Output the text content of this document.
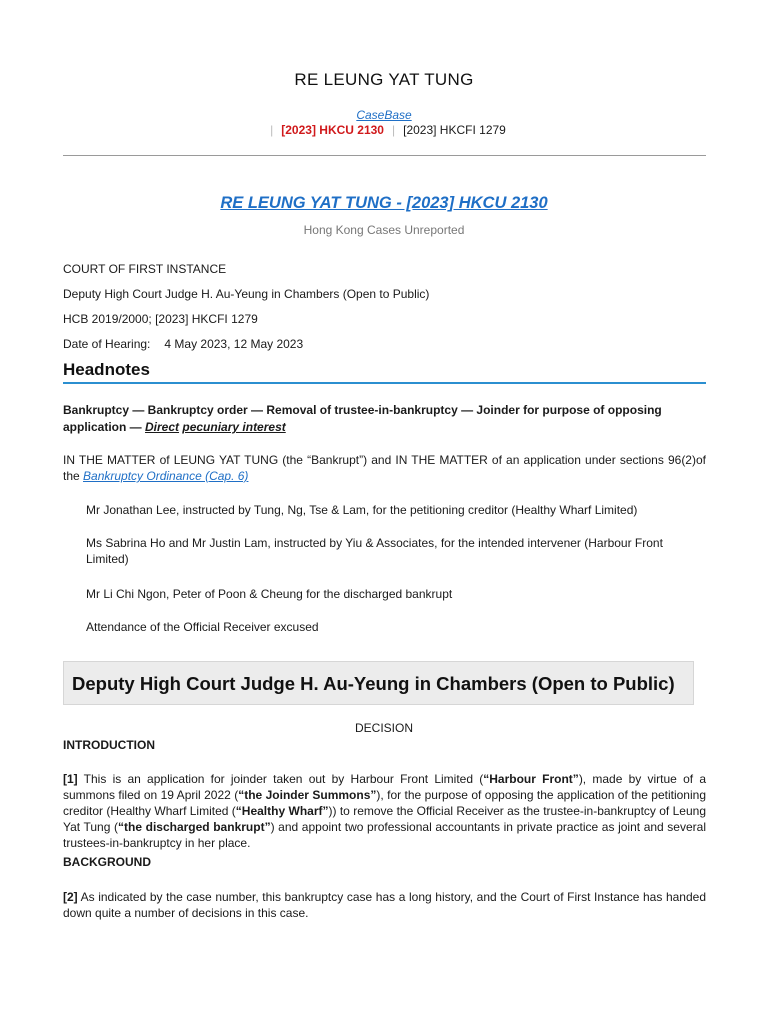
RE LEUNG YAT TUNG
CaseBase
| [2023] HKCU 2130 | [2023] HKCFI 1279
RE LEUNG YAT TUNG - [2023] HKCU 2130
Hong Kong Cases Unreported
COURT OF FIRST INSTANCE
Deputy High Court Judge H. Au-Yeung in Chambers (Open to Public)
HCB 2019/2000; [2023] HKCFI 1279
Date of Hearing: 4 May 2023, 12 May 2023
Headnotes
Bankruptcy — Bankruptcy order — Removal of trustee-in-bankruptcy — Joinder for purpose of opposing application — Direct pecuniary interest
IN THE MATTER of LEUNG YAT TUNG (the “Bankrupt”) and IN THE MATTER of an application under sections 96(2)of the Bankruptcy Ordinance (Cap. 6)
Mr Jonathan Lee, instructed by Tung, Ng, Tse & Lam, for the petitioning creditor (Healthy Wharf Limited)
Ms Sabrina Ho and Mr Justin Lam, instructed by Yiu & Associates, for the intended intervener (Harbour Front Limited)
Mr Li Chi Ngon, Peter of Poon & Cheung for the discharged bankrupt
Attendance of the Official Receiver excused
Deputy High Court Judge H. Au-Yeung in Chambers (Open to Public)
DECISION
INTRODUCTION
[1] This is an application for joinder taken out by Harbour Front Limited (“Harbour Front”), made by virtue of a summons filed on 19 April 2022 (“the Joinder Summons”), for the purpose of opposing the application of the petitioning creditor (Healthy Wharf Limited (“Healthy Wharf”)) to remove the Official Receiver as the trustee-in-bankruptcy of Leung Yat Tung (“the discharged bankrupt”) and appoint two professional accountants in private practice as joint and several trustees-in-bankruptcy in her place.
BACKGROUND
[2] As indicated by the case number, this bankruptcy case has a long history, and the Court of First Instance has handed down quite a number of decisions in this case.
